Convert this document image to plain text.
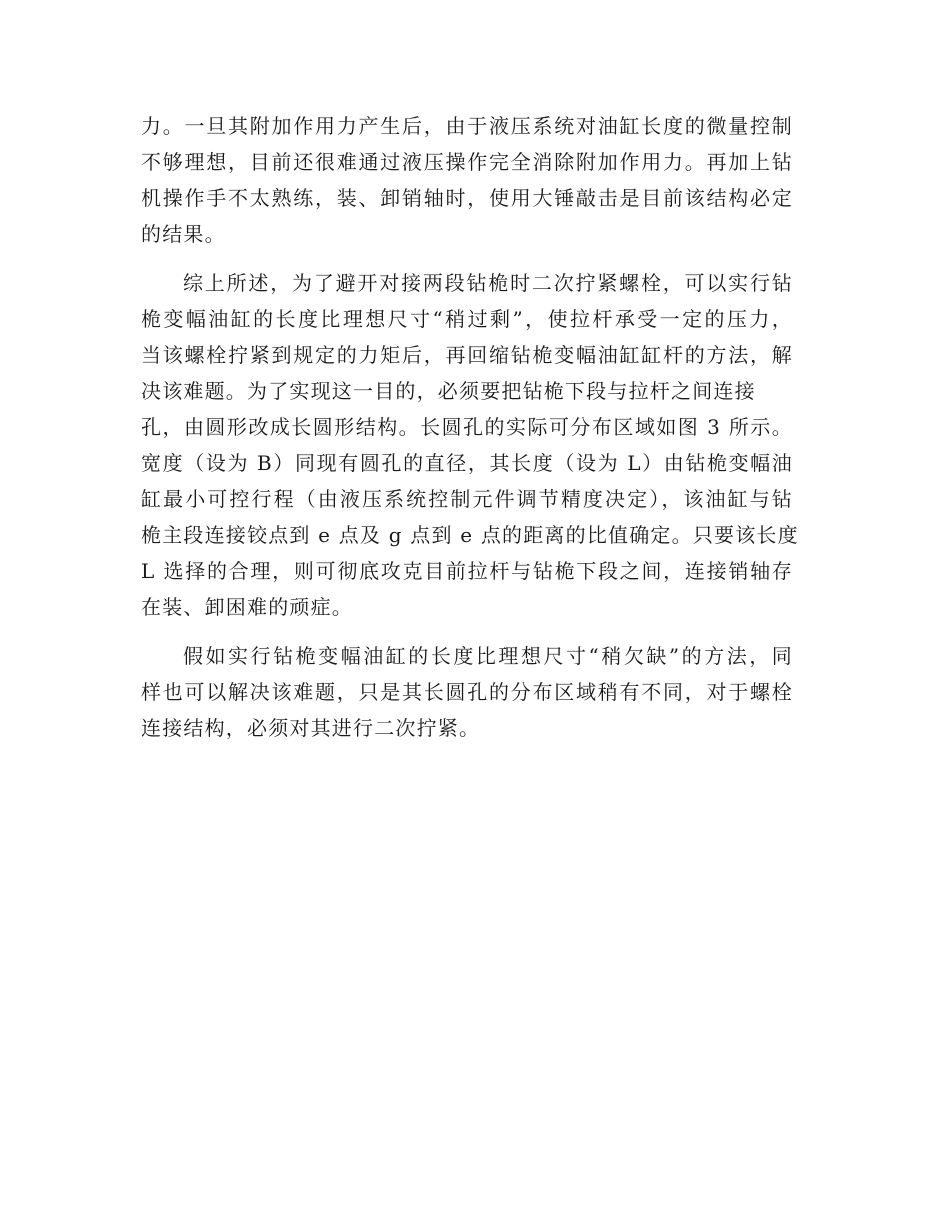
力。一旦其附加作用力产生后，由于液压系统对油缸长度的微量控制
不够理想，目前还很难通过液压操作完全消除附加作用力。再加上钻
机操作手不太熟练，装、卸销轴时，使用大锤敲击是目前该结构必定
的结果。

综上所述，为了避开对接两段钻桅时二次拧紧螺栓，可以实行钻
桅变幅油缸的长度比理想尺寸“稍过剩”，使拉杆承受一定的压力，
当该螺栓拧紧到规定的力矩后，再回缩钻桅变幅油缸缸杆的方法，解
决该难题。为了实现这一目的，必须要把钻桅下段与拉杆之间连接
孔，由圆形改成长圆形结构。长圆孔的实际可分布区域如图 3 所示。
宽度（设为 B）同现有圆孔的直径，其长度（设为 L）由钻桅变幅油
缸最小可控行程（由液压系统控制元件调节精度决定），该油缸与钻
桅主段连接铰点到 e 点及 g 点到 e 点的距离的比值确定。只要该长度
L 选择的合理，则可彻底攻克目前拉杆与钻桅下段之间，连接销轴存
在装、卸困难的顽症。

假如实行钻桅变幅油缸的长度比理想尺寸“稍欠缺”的方法，同
样也可以解决该难题，只是其长圆孔的分布区域稍有不同，对于螺栓
连接结构，必须对其进行二次拧紧。
